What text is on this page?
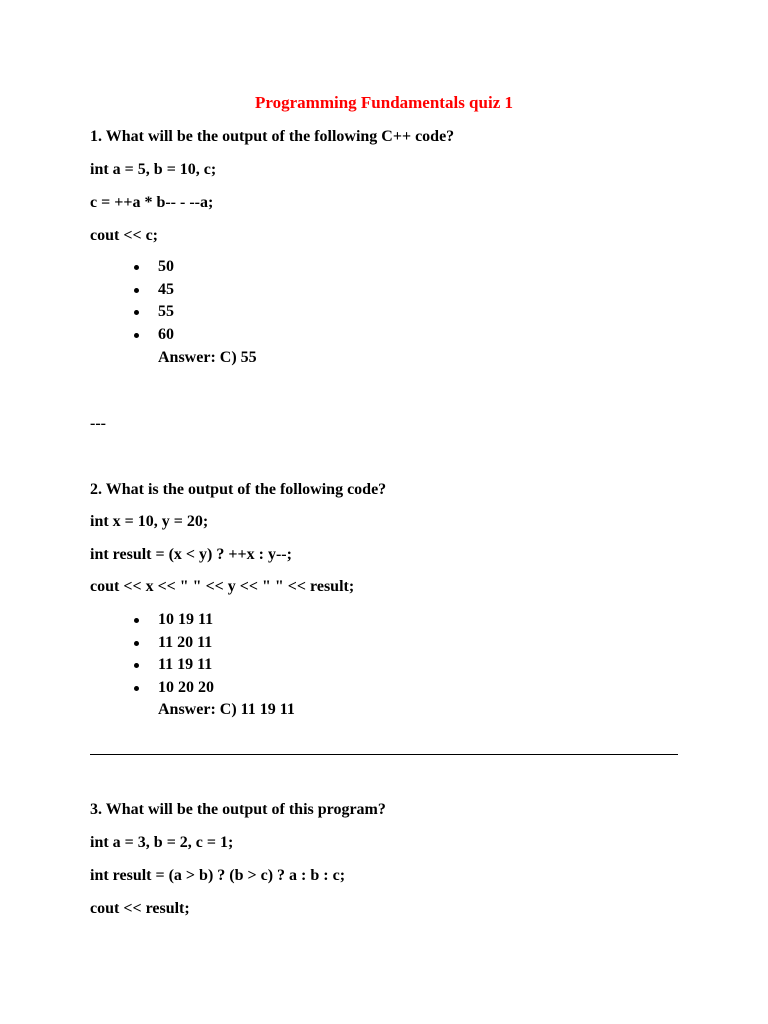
Programming Fundamentals quiz 1
1. What will be the output of the following C++ code?
int a = 5, b = 10, c;
c = ++a * b-- - --a;
cout << c;
50
45
55
60
Answer: C) 55
---
2. What is the output of the following code?
int x = 10, y = 20;
int result = (x < y) ? ++x : y--;
cout << x << " " << y << " " << result;
10 19 11
11 20 11
11 19 11
10 20 20
Answer: C) 11 19 11
3. What will be the output of this program?
int a = 3, b = 2, c = 1;
int result = (a > b) ? (b > c) ? a : b : c;
cout << result;
